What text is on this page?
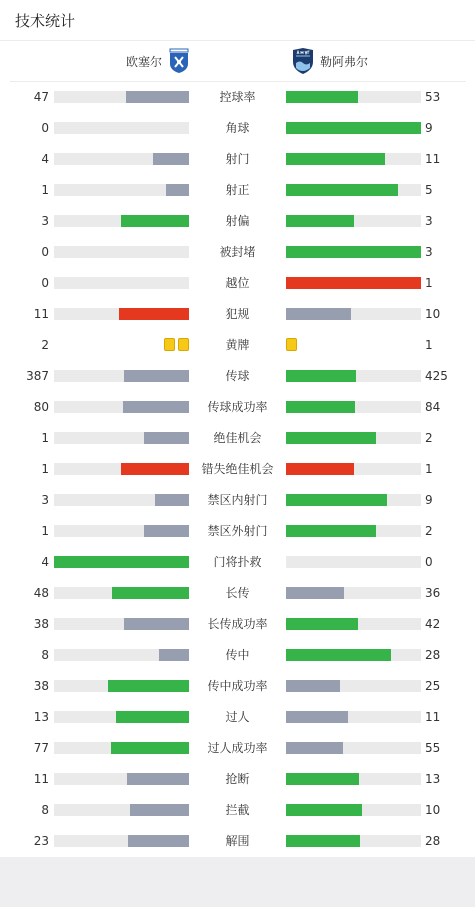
技术统计
欧塞尔	勒阿弗尔
47	控球率	53
0	角球	9
4	射门	11
1	射正	5
3	射偏	3
0	被封堵	3
0	越位	1
11	犯规	10
2	黄牌	1
387	传球	425
80	传球成功率	84
1	绝佳机会	2
1	错失绝佳机会	1
3	禁区内射门	9
1	禁区外射门	2
4	门将扑救	0
48	长传	36
38	长传成功率	42
8	传中	28
38	传中成功率	25
13	过人	11
77	过人成功率	55
11	抢断	13
8	拦截	10
23	解围	28
